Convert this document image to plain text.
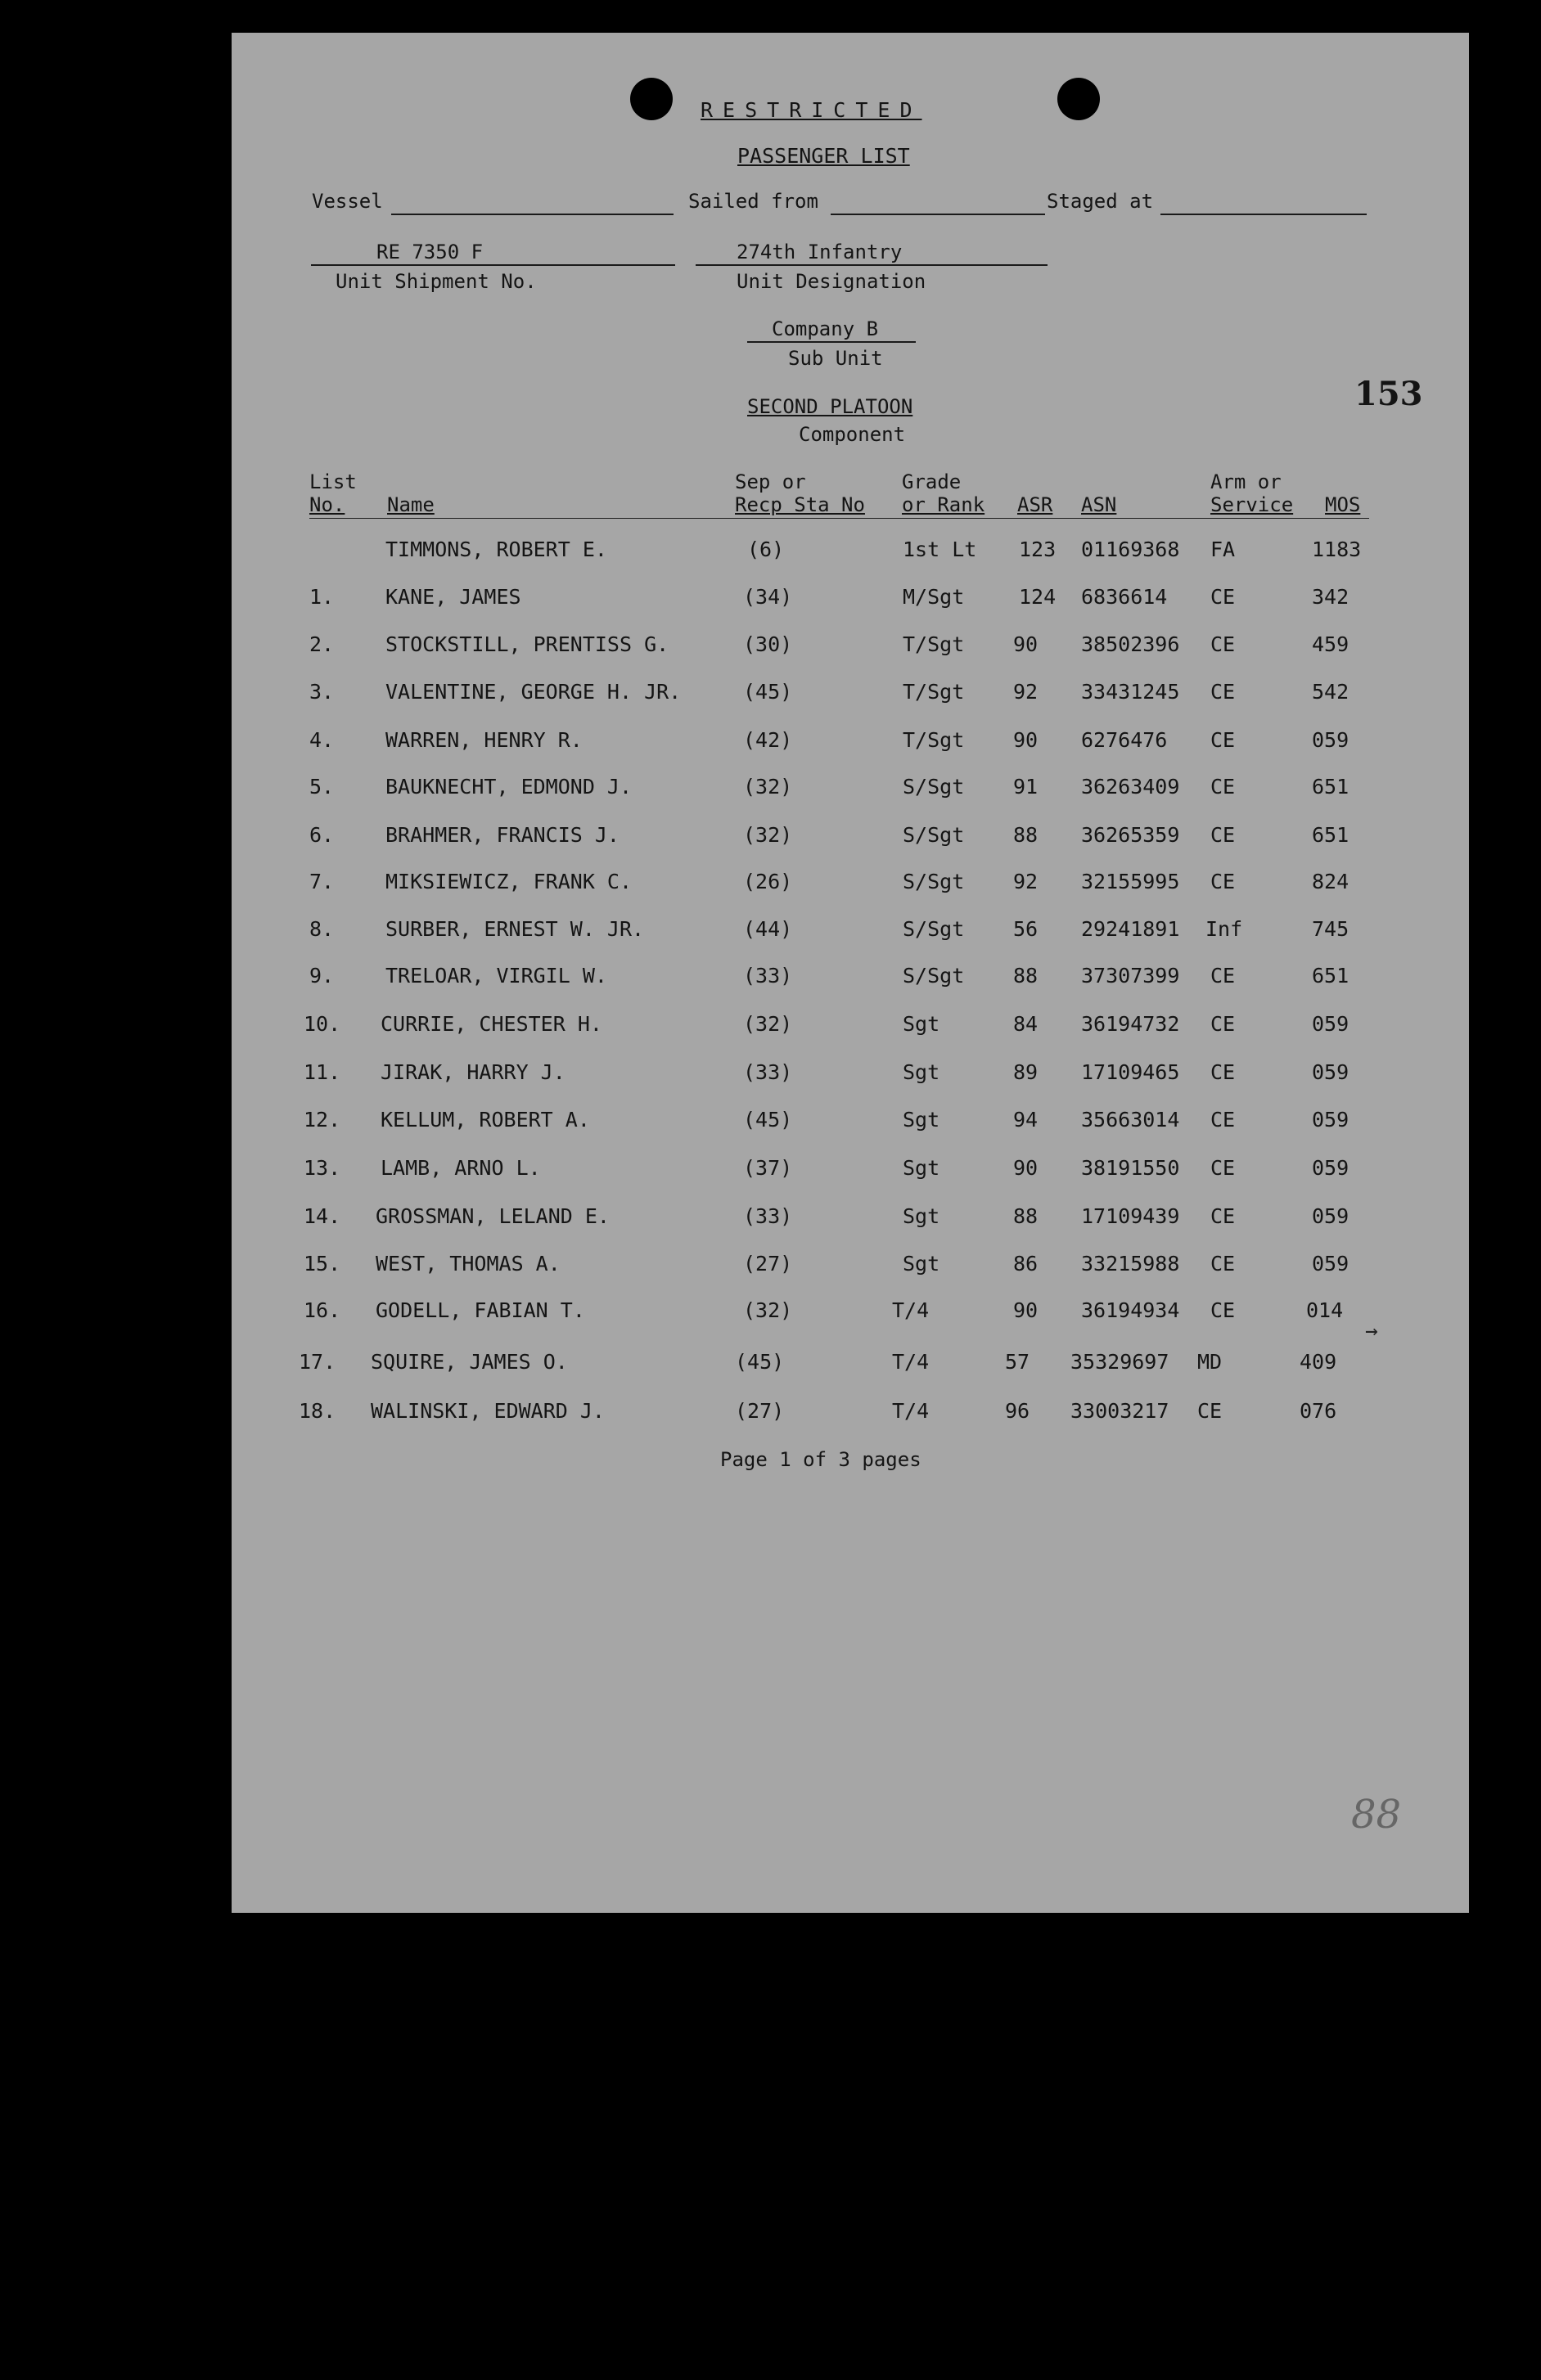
RESTRICTED
PASSENGER LIST
Vessel	Sailed from	Staged at
RE 7350 F
Unit Shipment No.
274th Infantry
Unit Designation
Company B
Sub Unit
SECOND PLATOON
Component
153
List
No.	Name
Sep or
Recp Sta No
Grade
or Rank ASR ASN
Arm or
Service MOS
TIMMONS, ROBERT E.	(6)	1st Lt 123 01169368 FA	1183
1.	KANE, JAMES	(34)	M/Sgt	124 6836614 CE	342
2.	STOCKSTILL, PRENTISS G.	(30)	T/Sgt 90 38502396 CE	459
3.	VALENTINE, GEORGE H. JR.	(45)	T/Sgt 92 33431245 CE	542
4.	WARREN, HENRY R.	(42)	T/Sgt 90 6276476 CE	059
5.	BAUKNECHT, EDMOND J.	(32)	S/Sgt 91 36263409 CE	651
6.	BRAHMER, FRANCIS J.	(32)	S/Sgt 88 36265359 CE	651
7.	MIKSIEWICZ, FRANK C.	(26)	S/Sgt 92 32155995 CE	824
8.	SURBER, ERNEST W. JR.	(44)	S/Sgt 56 29241891 Inf	745
9.	TRELOAR, VIRGIL W.	(33)	S/Sgt 88 37307399 CE	651
10. CURRIE, CHESTER H.	(32)	Sgt	84 36194732 CE	059
11. JIRAK, HARRY J.	(33)	Sgt	89 17109465 CE	059
12. KELLUM, ROBERT A.	(45)	Sgt	94 35663014 CE	059
13. LAMB, ARNO L.	(37)	Sgt	90 38191550 CE	059
14. GROSSMAN, LELAND E.	(33)	Sgt	88 17109439 CE	059
15. WEST, THOMAS A.	(27)	Sgt	86 33215988 CE	059
16. GODELL, FABIAN T.	(32)	T/4	90 36194934 CE	014
17. SQUIRE, JAMES O.	(45)	T/4	57 35329697 MD	409
18. WALINSKI, EDWARD J.	(27)	T/4	96 33003217 CE	076
→
Page 1 of 3 pages
88
